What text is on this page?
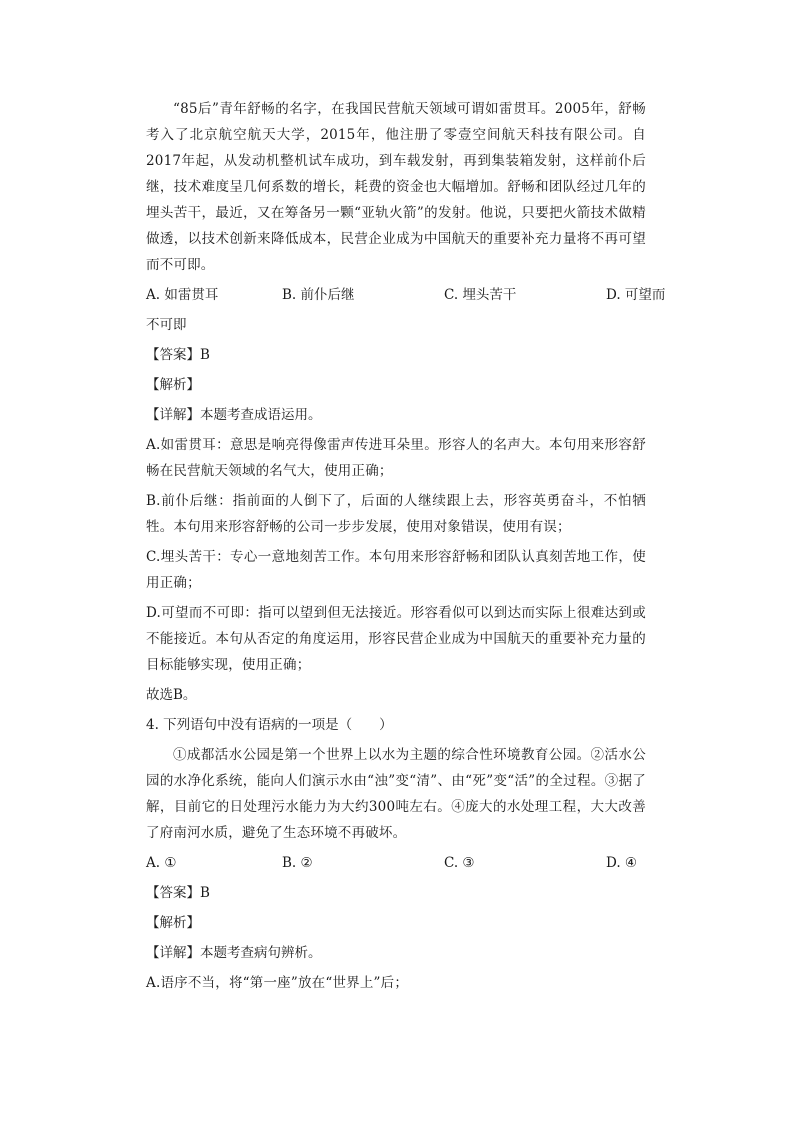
“85后”青年舒畅的名字，在我国民营航天领域可谓如雷贯耳。2005年，舒畅考入了北京航空航天大学，2015年，他注册了零壹空间航天科技有限公司。自2017年起，从发动机整机试车成功，到车载发射，再到集装箱发射，这样前仆后继，技术难度呈几何系数的增长，耗费的资金也大幅增加。舒畅和团队经过几年的埋头苦干，最近，又在筹备另一颗“亚轨火箭”的发射。他说，只要把火箭技术做精做透，以技术创新来降低成本，民营企业成为中国航天的重要补充力量将不再可望而不可即。

A. 如雷贯耳	B. 前仆后继	C. 埋头苦干	D. 可望而

不可即

【答案】B

【解析】

【详解】本题考查成语运用。

A.如雷贯耳：意思是响亮得像雷声传进耳朵里。形容人的名声大。本句用来形容舒畅在民营航天领域的名气大，使用正确；

B.前仆后继：指前面的人倒下了，后面的人继续跟上去，形容英勇奋斗，不怕牺牲。本句用来形容舒畅的公司一步步发展，使用对象错误，使用有误；

C.埋头苦干：专心一意地刻苦工作。本句用来形容舒畅和团队认真刻苦地工作，使用正确；

D.可望而不可即：指可以望到但无法接近。形容看似可以到达而实际上很难达到或不能接近。本句从否定的角度运用，形容民营企业成为中国航天的重要补充力量的目标能够实现，使用正确；

故选B。

4. 下列语句中没有语病的一项是（　　）

①成都活水公园是第一个世界上以水为主题的综合性环境教育公园。②活水公园的水净化系统，能向人们演示水由“浊”变“清”、由“死”变“活”的全过程。③据了解，目前它的日处理污水能力为大约300吨左右。④庞大的水处理工程，大大改善了府南河水质，避免了生态环境不再破坏。

A. ①	B. ②	C. ③	D. ④

【答案】B

【解析】

【详解】本题考查病句辨析。

A.语序不当，将“第一座”放在“世界上”后；
